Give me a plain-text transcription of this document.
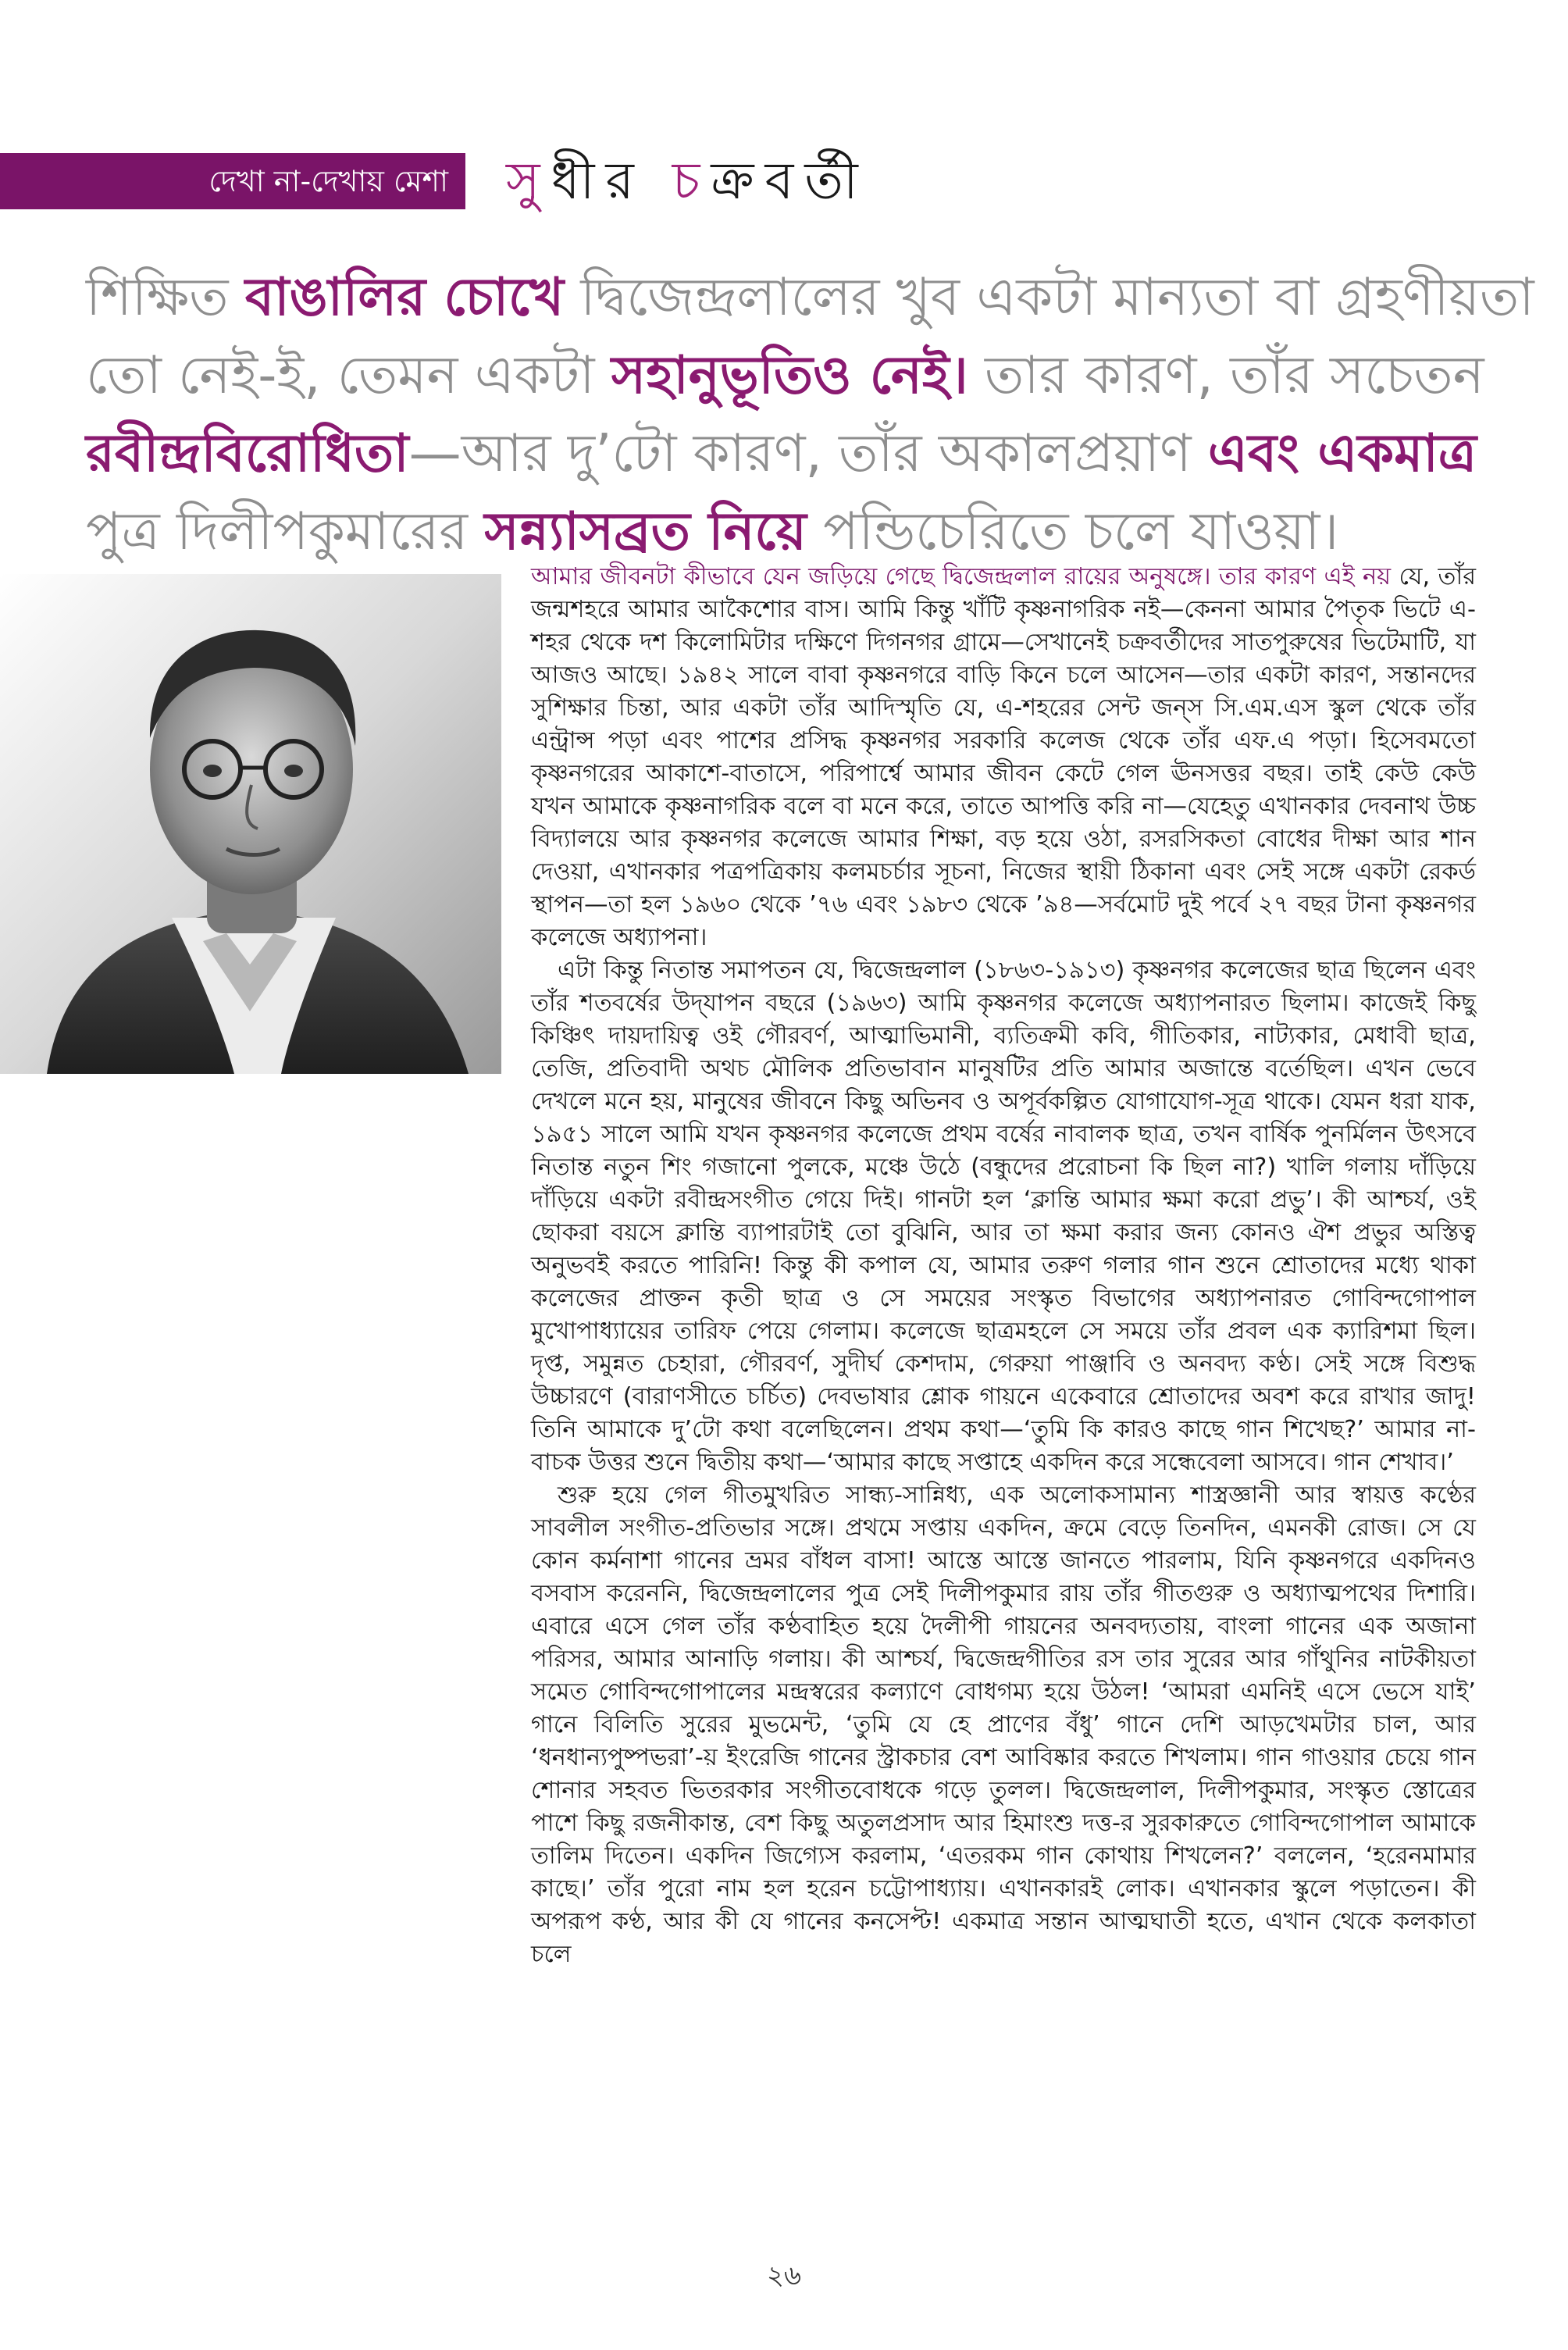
দেখা না-দেখায় মেশা সুধীর চক্রবর্তী

শিক্ষিত বাঙালির চোখে দ্বিজেন্দ্রলালের খুব একটা মান্যতা বা গ্রহণীয়তা

তো নেই-ই, তেমন একটা সহানুভূতিও নেই। তার কারণ, তাঁর সচেতন

রবীন্দ্রবিরোধিতা—আর দু’টো কারণ, তাঁর অকালপ্রয়াণ এবং একমাত্র

পুত্র দিলীপকুমারের সন্ন্যাসব্রত নিয়ে পন্ডিচেরিতে চলে যাওয়া।

আমার জীবনটা কীভাবে যেন জড়িয়ে গেছে দ্বিজেন্দ্রলাল রায়ের অনুষঙ্গে। তার কারণ এই নয় যে, তাঁর জন্মশহরে আমার আকৈশোর বাস। আমি কিন্তু খাঁটি কৃষ্ণনাগরিক নই—কেননা আমার পৈতৃক ভিটে এ-শহর থেকে দশ কিলোমিটার দক্ষিণে দিগনগর গ্রামে—সেখানেই চক্রবর্তীদের সাতপুরুষের ভিটেমাটি, যা আজও আছে। ১৯৪২ সালে বাবা কৃষ্ণনগরে বাড়ি কিনে চলে আসেন—তার একটা কারণ, সন্তানদের সুশিক্ষার চিন্তা, আর একটা তাঁর আদিস্মৃতি যে, এ-শহরের সেন্ট জন্‌স সি.এম.এস স্কুল থেকে তাঁর এন্ট্রান্স পড়া এবং পাশের প্রসিদ্ধ কৃষ্ণনগর সরকারি কলেজ থেকে তাঁর এফ.এ পড়া। হিসেবমতো কৃষ্ণনগরের আকাশে-বাতাসে, পরিপার্শ্বে আমার জীবন কেটে গেল ঊনসত্তর বছর। তাই কেউ কেউ যখন আমাকে কৃষ্ণনাগরিক বলে বা মনে করে, তাতে আপত্তি করি না—যেহেতু এখানকার দেবনাথ উচ্চ বিদ্যালয়ে আর কৃষ্ণনগর কলেজে আমার শিক্ষা, বড় হয়ে ওঠা, রসরসিকতা বোধের দীক্ষা আর শান দেওয়া, এখানকার পত্রপত্রিকায় কলমচর্চার সূচনা, নিজের স্থায়ী ঠিকানা এবং সেই সঙ্গে একটা রেকর্ড স্থাপন—তা হল ১৯৬০ থেকে ’৭৬ এবং ১৯৮৩ থেকে ’৯৪—সর্বমোট দুই পর্বে ২৭ বছর টানা কৃষ্ণনগর কলেজে অধ্যাপনা।

এটা কিন্তু নিতান্ত সমাপতন যে, দ্বিজেন্দ্রলাল (১৮৬৩-১৯১৩) কৃষ্ণনগর কলেজের ছাত্র ছিলেন এবং তাঁর শতবর্ষের উদ্‌যাপন বছরে (১৯৬৩) আমি কৃষ্ণনগর কলেজে অধ্যাপনারত ছিলাম। কাজেই কিছু কিঞ্চিৎ দায়দায়িত্ব ওই গৌরবর্ণ, আত্মাভিমানী, ব্যতিক্রমী কবি, গীতিকার, নাট্যকার, মেধাবী ছাত্র, তেজি, প্রতিবাদী অথচ মৌলিক প্রতিভাবান মানুষটির প্রতি আমার অজান্তে বর্তেছিল। এখন ভেবে দেখলে মনে হয়, মানুষের জীবনে কিছু অভিনব ও অপূর্বকল্পিত যোগাযোগ-সূত্র থাকে। যেমন ধরা যাক, ১৯৫১ সালে আমি যখন কৃষ্ণনগর কলেজে প্রথম বর্ষের নাবালক ছাত্র, তখন বার্ষিক পুনর্মিলন উৎসবে নিতান্ত নতুন শিং গজানো পুলকে, মঞ্চে উঠে (বন্ধুদের প্ররোচনা কি ছিল না?) খালি গলায় দাঁড়িয়ে দাঁড়িয়ে একটা রবীন্দ্রসংগীত গেয়ে দিই। গানটা হল ‘ক্লান্তি আমার ক্ষমা করো প্রভু’। কী আশ্চর্য, ওই ছোকরা বয়সে ক্লান্তি ব্যাপারটাই তো বুঝিনি, আর তা ক্ষমা করার জন্য কোনও ঐশ প্রভুর অস্তিত্ব অনুভবই করতে পারিনি! কিন্তু কী কপাল যে, আমার তরুণ গলার গান শুনে শ্রোতাদের মধ্যে থাকা কলেজের প্রাক্তন কৃতী ছাত্র ও সে সময়ের সংস্কৃত বিভাগের অধ্যাপনারত গোবিন্দগোপাল মুখোপাধ্যায়ের তারিফ পেয়ে গেলাম। কলেজে ছাত্রমহলে সে সময়ে তাঁর প্রবল এক ক্যারিশমা ছিল। দৃপ্ত, সমুন্নত চেহারা, গৌরবর্ণ, সুদীর্ঘ কেশদাম, গেরুয়া পাঞ্জাবি ও অনবদ্য কণ্ঠ। সেই সঙ্গে বিশুদ্ধ উচ্চারণে (বারাণসীতে চর্চিত) দেবভাষার শ্লোক গায়নে একেবারে শ্রোতাদের অবশ করে রাখার জাদু! তিনি আমাকে দু’টো কথা বলেছিলেন। প্রথম কথা—‘তুমি কি কারও কাছে গান শিখেছ?’ আমার না-বাচক উত্তর শুনে দ্বিতীয় কথা—‘আমার কাছে সপ্তাহে একদিন করে সন্ধেবেলা আসবে। গান শেখাব।’

শুরু হয়ে গেল গীতমুখরিত সান্ধ্য-সান্নিধ্য, এক অলোকসামান্য শাস্ত্রজ্ঞানী আর স্বায়ত্ত কণ্ঠের সাবলীল সংগীত-প্রতিভার সঙ্গে। প্রথমে সপ্তায় একদিন, ক্রমে বেড়ে তিনদিন, এমনকী রোজ। সে যে কোন কর্মনাশা গানের ভ্রমর বাঁধল বাসা! আস্তে আস্তে জানতে পারলাম, যিনি কৃষ্ণনগরে একদিনও বসবাস করেননি, দ্বিজেন্দ্রলালের পুত্র সেই দিলীপকুমার রায় তাঁর গীতগুরু ও অধ্যাত্মপথের দিশারি। এবারে এসে গেল তাঁর কণ্ঠবাহিত হয়ে দৈলীপী গায়নের অনবদ্যতায়, বাংলা গানের এক অজানা পরিসর, আমার আনাড়ি গলায়। কী আশ্চর্য, দ্বিজেন্দ্রগীতির রস তার সুরের আর গাঁথুনির নাটকীয়তা সমেত গোবিন্দগোপালের মন্দ্রস্বরের কল্যাণে বোধগম্য হয়ে উঠল! ‘আমরা এমনিই এসে ভেসে যাই’ গানে বিলিতি সুরের মুভমেন্ট, ‘তুমি যে হে প্রাণের বঁধু’ গানে দেশি আড়খেমটার চাল, আর ‘ধনধান্যপুষ্পভরা’-য় ইংরেজি গানের স্ট্রাকচার বেশ আবিষ্কার করতে শিখলাম। গান গাওয়ার চেয়ে গান শোনার সহবত ভিতরকার সংগীতবোধকে গড়ে তুলল। দ্বিজেন্দ্রলাল, দিলীপকুমার, সংস্কৃত স্তোত্রের পাশে কিছু রজনীকান্ত, বেশ কিছু অতুলপ্রসাদ আর হিমাংশু দত্ত-র সুরকারুতে গোবিন্দগোপাল আমাকে তালিম দিতেন। একদিন জিগ্যেস করলাম, ‘এতরকম গান কোথায় শিখলেন?’ বললেন, ‘হরেনমামার কাছে।’ তাঁর পুরো নাম হল হরেন চট্টোপাধ্যায়। এখানকারই লোক। এখানকার স্কুলে পড়াতেন। কী অপরূপ কণ্ঠ, আর কী যে গানের কনসেপ্ট! একমাত্র সন্তান আত্মঘাতী হতে, এখান থেকে কলকাতা চলে

২৬
